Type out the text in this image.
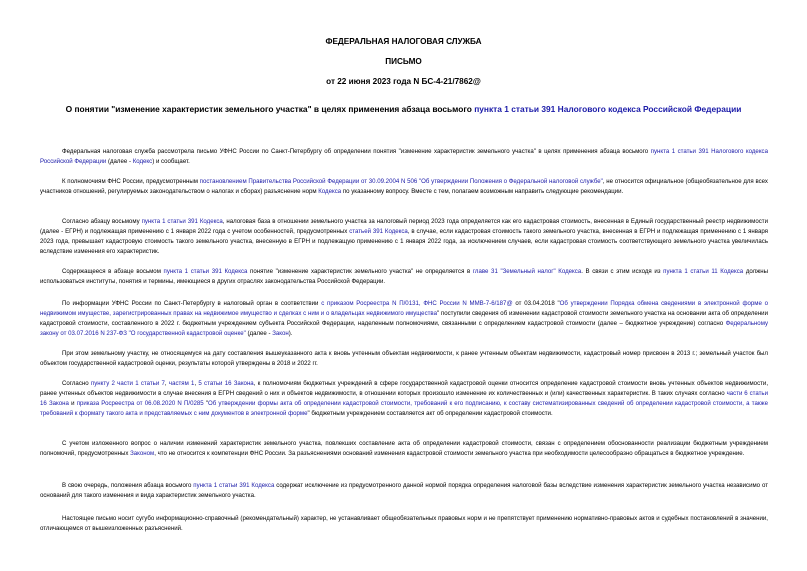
ФЕДЕРАЛЬНАЯ НАЛОГОВАЯ СЛУЖБА
ПИСЬМО
от 22 июня 2023 года N БС-4-21/7862@
О понятии "изменение характеристик земельного участка" в целях применения абзаца восьмого пункта 1 статьи 391 Налогового кодекса Российской Федерации

Федеральная налоговая служба рассмотрела письмо УФНС России по Санкт-Петербургу об определении понятия "изменение характеристик земельного участка" в целях применения абзаца восьмого пункта 1 статьи 391 Налогового кодекса Российской Федерации (далее - Кодекс) и сообщает.

К полномочиям ФНС России, предусмотренным постановлением Правительства Российской Федерации от 30.09.2004 N 506 "Об утверждении Положения о Федеральной налоговой службе", не относится официальное (общеобязательное для всех участников отношений, регулируемых законодательством о налогах и сборах) разъяснение норм Кодекса по указанному вопросу. Вместе с тем, полагаем возможным направить следующие рекомендации.

Согласно абзацу восьмому пункта 1 статьи 391 Кодекса, налоговая база в отношении земельного участка за налоговый период 2023 года определяется как его кадастровая стоимость, внесенная в Единый государственный реестр недвижимости (далее - ЕГРН) и подлежащая применению с 1 января 2022 года с учетом особенностей, предусмотренных статьей 391 Кодекса, в случае, если кадастровая стоимость такого земельного участка, внесенная в ЕГРН и подлежащая применению с 1 января 2023 года, превышает кадастровую стоимость такого земельного участка, внесенную в ЕГРН и подлежащую применению с 1 января 2022 года, за исключением случаев, если кадастровая стоимость соответствующего земельного участка увеличилась вследствие изменения его характеристик.

Содержащееся в абзаце восьмом пункта 1 статьи 391 Кодекса понятие "изменение характеристик земельного участка" не определяется в главе 31 "Земельный налог" Кодекса. В связи с этим исходя из пункта 1 статьи 11 Кодекса должны использоваться институты, понятия и термины, имеющиеся в других отраслях законодательства Российской Федерации.

По информации УФНС России по Санкт-Петербургу в налоговый орган в соответствии с приказом Росреестра N П/0131, ФНС России N ММВ-7-6/187@ от 03.04.2018 "Об утверждении Порядка обмена сведениями в электронной форме о недвижимом имуществе, зарегистрированных правах на недвижимое имущество и сделках с ним и о владельцах недвижимого имущества" поступили сведения об изменении кадастровой стоимости земельного участка на основании акта об определении кадастровой стоимости, составленного в 2022 г. бюджетным учреждением субъекта Российской Федерации, наделенным полномочиями, связанными с определением кадастровой стоимости (далее – бюджетное учреждение) согласно Федеральному закону от 03.07.2016 N 237-ФЗ "О государственной кадастровой оценке" (далее - Закон).

При этом земельному участку, не относящемуся на дату составления вышеуказанного акта к вновь учтенным объектам недвижимости, к ранее учтенным объектам недвижимости, кадастровый номер присвоен в 2013 г.; земельный участок был объектом государственной кадастровой оценки, результаты которой утверждены в 2018 и 2022 гг.

Согласно пункту 2 части 1 статьи 7, частям 1, 5 статьи 16 Закона, к полномочиям бюджетных учреждений в сфере государственной кадастровой оценки относится определение кадастровой стоимости вновь учтенных объектов недвижимости, ранее учтенных объектов недвижимости в случае внесения в ЕГРН сведений о них и объектов недвижимости, в отношении которых произошло изменение их количественных и (или) качественных характеристик. В таких случаях согласно части 6 статьи 16 Закона и приказа Росреестра от 06.08.2020 N П/0285 "Об утверждении формы акта об определении кадастровой стоимости, требований к его подписанию, к составу систематизированных сведений об определении кадастровой стоимости, а также требований к формату такого акта и представляемых с ним документов в электронной форме" бюджетным учреждением составляется акт об определении кадастровой стоимости.

С учетом изложенного вопрос о наличии изменений характеристик земельного участка, повлекших составление акта об определении кадастровой стоимости, связан с определением обоснованности реализации бюджетным учреждением полномочий, предусмотренных Законом, что не относится к компетенции ФНС России. За разъяснениями оснований изменения кадастровой стоимости земельного участка при необходимости целесообразно обращаться в бюджетное учреждение.

В свою очередь, положения абзаца восьмого пункта 1 статьи 391 Кодекса содержат исключение из предусмотренного данной нормой порядка определения налоговой базы вследствие изменения характеристик земельного участка независимо от оснований для такого изменения и вида характеристик земельного участка.

Настоящее письмо носит сугубо информационно-справочный (рекомендательный) характер, не устанавливает общеобязательных правовых норм и не препятствует применению нормативно-правовых актов и судебных постановлений в значении, отличающемся от вышеизложенных разъяснений.
